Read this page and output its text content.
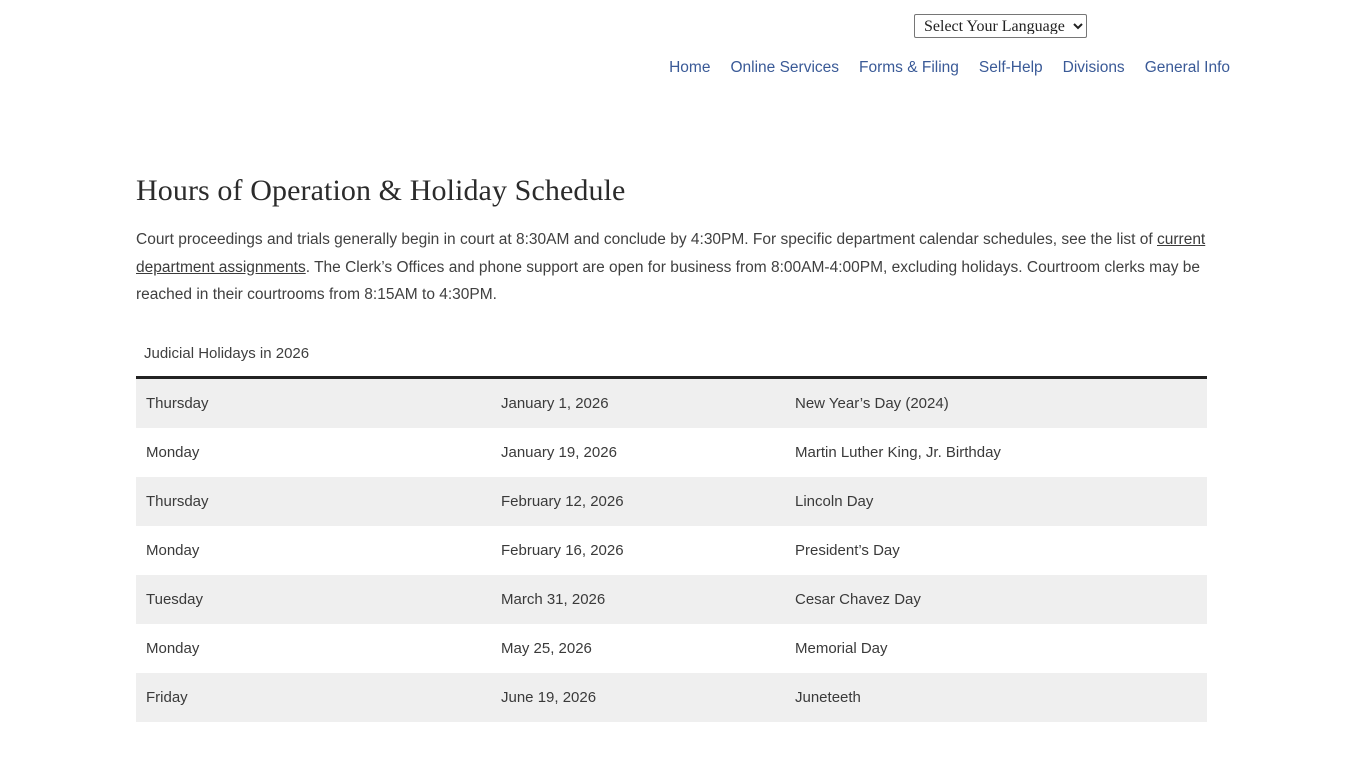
Select Your Language
Home	Online Services	Forms & Filing	Self-Help	Divisions	General Info
Hours of Operation & Holiday Schedule

Court proceedings and trials generally begin in court at 8:30AM and conclude by 4:30PM. For specific department calendar schedules, see the list of current department assignments. The Clerk’s Offices and phone support are open for business from 8:00AM-4:00PM, excluding holidays. Courtroom clerks may be reached in their courtrooms from 8:15AM to 4:30PM.

Judicial Holidays in 2026
Thursday	January 1, 2026	New Year’s Day (2024)
Monday	January 19, 2026	Martin Luther King, Jr. Birthday
Thursday	February 12, 2026	Lincoln Day
Monday	February 16, 2026	President’s Day
Tuesday	March 31, 2026	Cesar Chavez Day
Monday	May 25, 2026	Memorial Day
Friday	June 19, 2026	Juneteeth
